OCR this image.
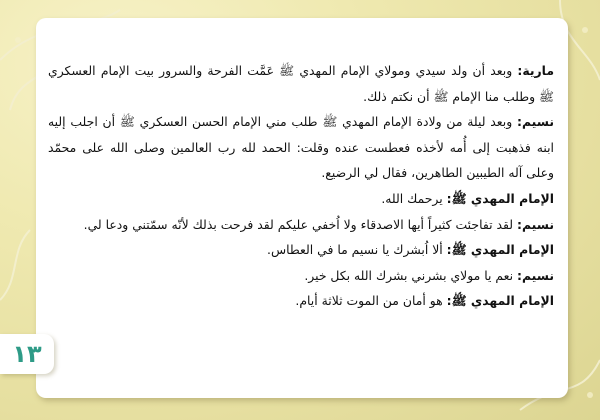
مارية: وبعد أن ولد سيدي ومولاي الإمام المهدي ﷺ عَمَّت الفرحة والسرور بيت الإمام العسكري ﷺ وطلب منا الإمام ﷺ أن نكتم ذلك.

نسيم: وبعد ليلة من ولادة الإمام المهدي ﷺ طلب مني الإمام الحسن العسكري ﷺ أن اجلب إليه ابنه فذهبت إلى أُمه لأخذه فعطست عنده وقلت: الحمد لله رب العالمين وصلى الله على محمّد وعلى آله الطيبين الطاهرين، فقال لي الرضيع.

الإمام المهدي ﷺ: يرحمك الله.

نسيم: لقد تفاجئت كثيراً أيها الاصدقاء ولا اُخفي عليكم لقد فرحت بذلك لأنّه سمّتني ودعا لي.

الإمام المهدي ﷺ: ألا اُبشرك يا نسيم ما في العطاس.

نسيم: نعم يا مولاي بشرني بشرك الله بكل خير.

الإمام المهدي ﷺ: هو أمان من الموت ثلاثة أيام.

١٣
